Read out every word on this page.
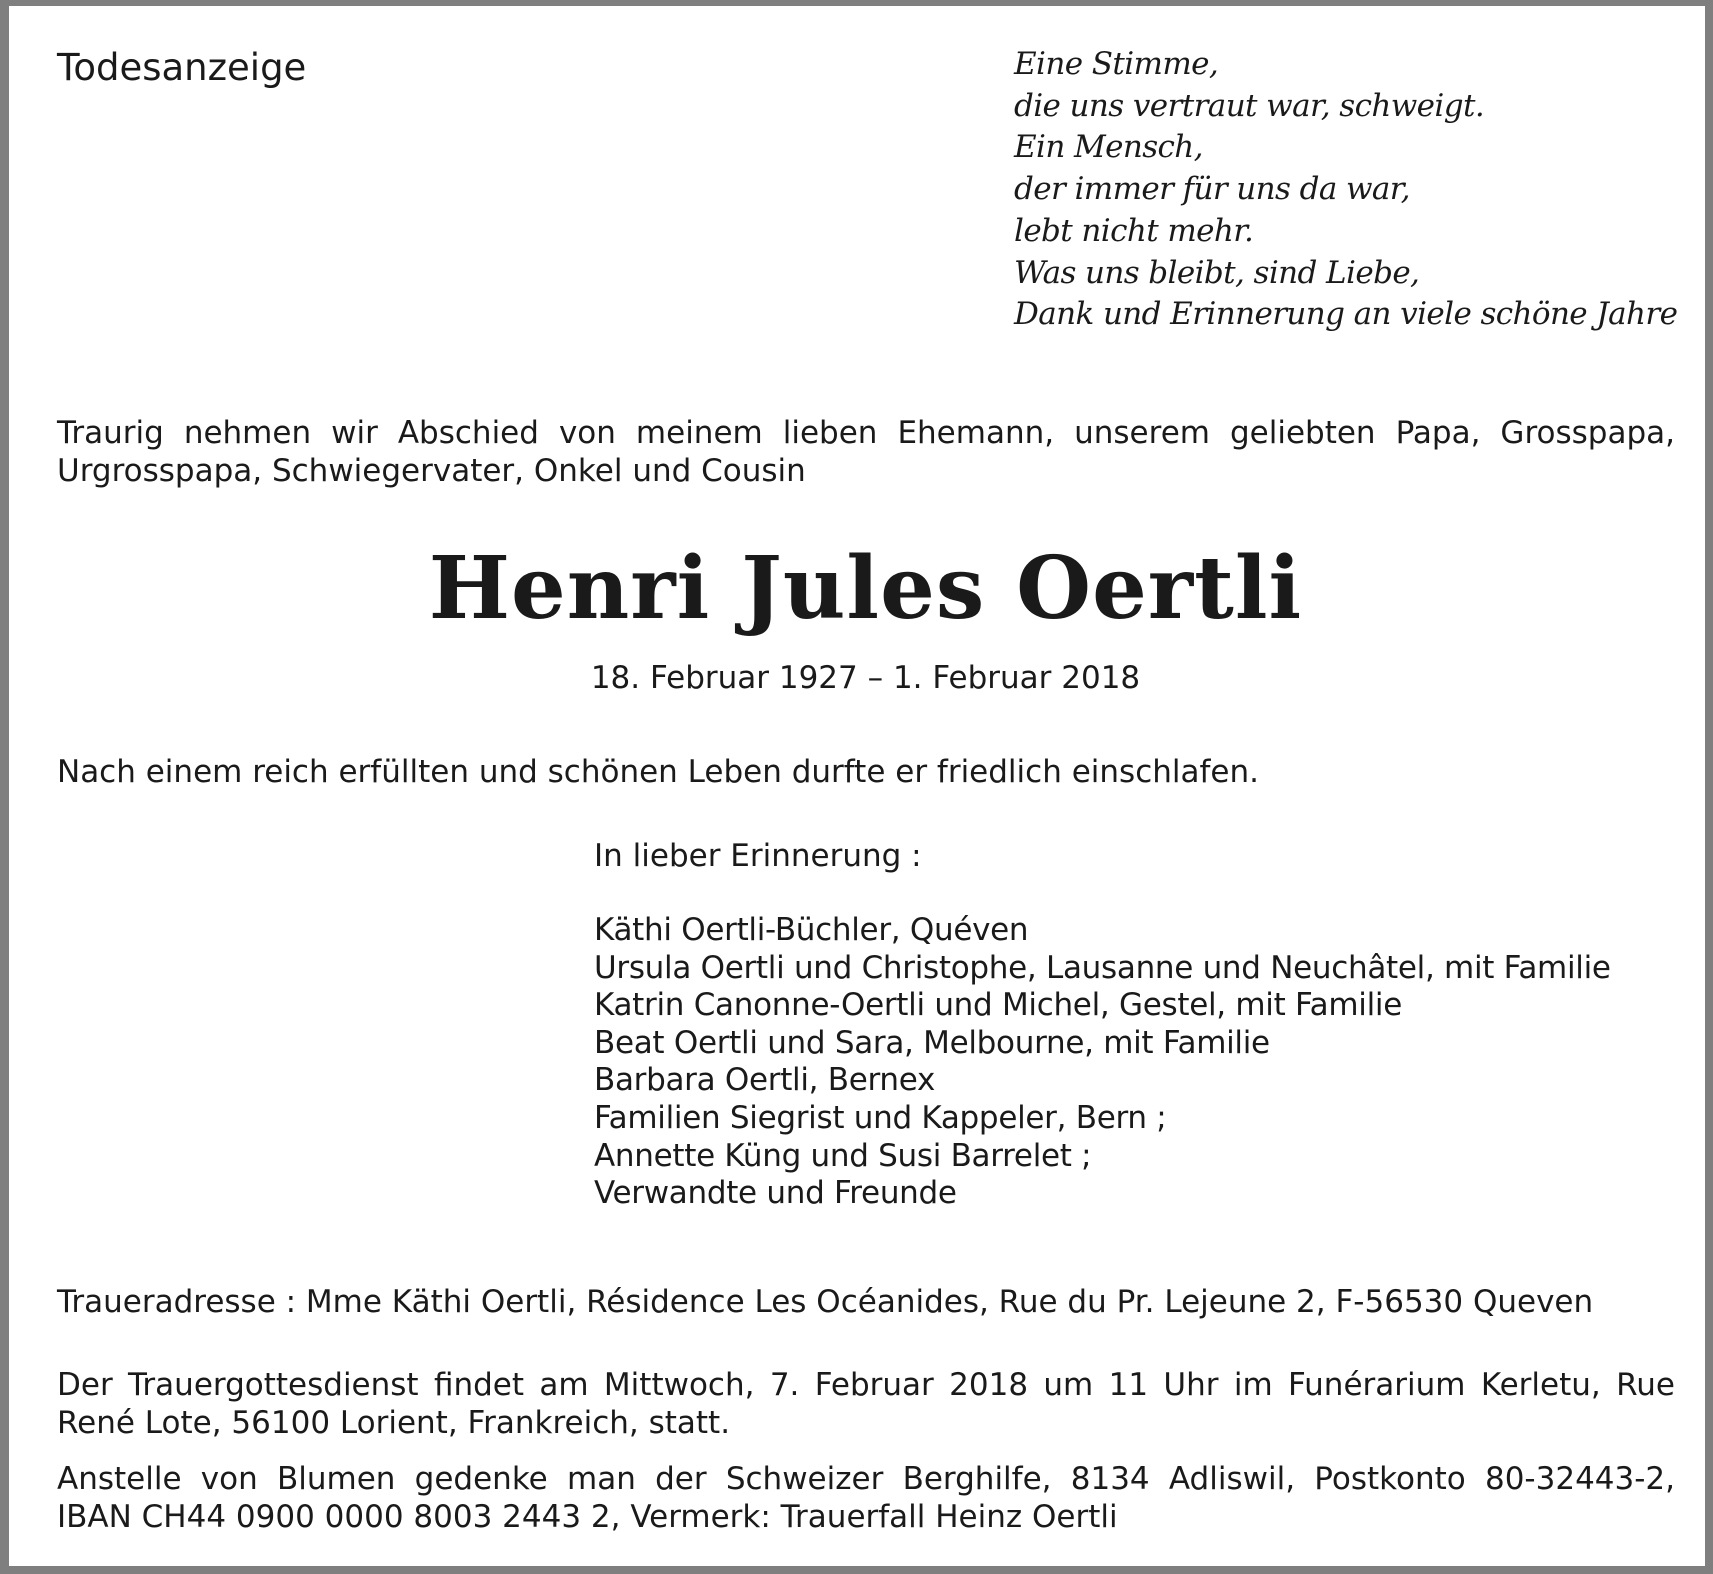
Todesanzeige	Eine Stimme,
die uns vertraut war, schweigt.
Ein Mensch,
der immer für uns da war,
lebt nicht mehr.
Was uns bleibt, sind Liebe,
Dank und Erinnerung an viele schöne Jahre
Traurig nehmen wir Abschied von meinem lieben Ehemann, unserem geliebten Papa, Grosspapa,
Urgrosspapa, Schwiegervater, Onkel und Cousin
Henri Jules Oertli

18. Februar 1927 – 1. Februar 2018

Nach einem reich erfüllten und schönen Leben durfte er friedlich einschlafen.

In lieber Erinnerung :

Käthi Oertli-Büchler, Quéven
Ursula Oertli und Christophe, Lausanne und Neuchâtel, mit Familie
Katrin Canonne-Oertli und Michel, Gestel, mit Familie
Beat Oertli und Sara, Melbourne, mit Familie
Barbara Oertli, Bernex
Familien Siegrist und Kappeler, Bern ;
Annette Küng und Susi Barrelet ;
Verwandte und Freunde

Traueradresse : Mme Käthi Oertli, Résidence Les Océanides, Rue du Pr. Lejeune 2, F-56530 Queven

Der Trauergottesdienst findet am Mittwoch, 7. Februar 2018 um 11 Uhr im Funérarium Kerletu, Rue
René Lote, 56100 Lorient, Frankreich, statt.
Anstelle von Blumen gedenke man der Schweizer Berghilfe, 8134 Adliswil, Postkonto 80-32443-2,
IBAN CH44 0900 0000 8003 2443 2, Vermerk: Trauerfall Heinz Oertli
